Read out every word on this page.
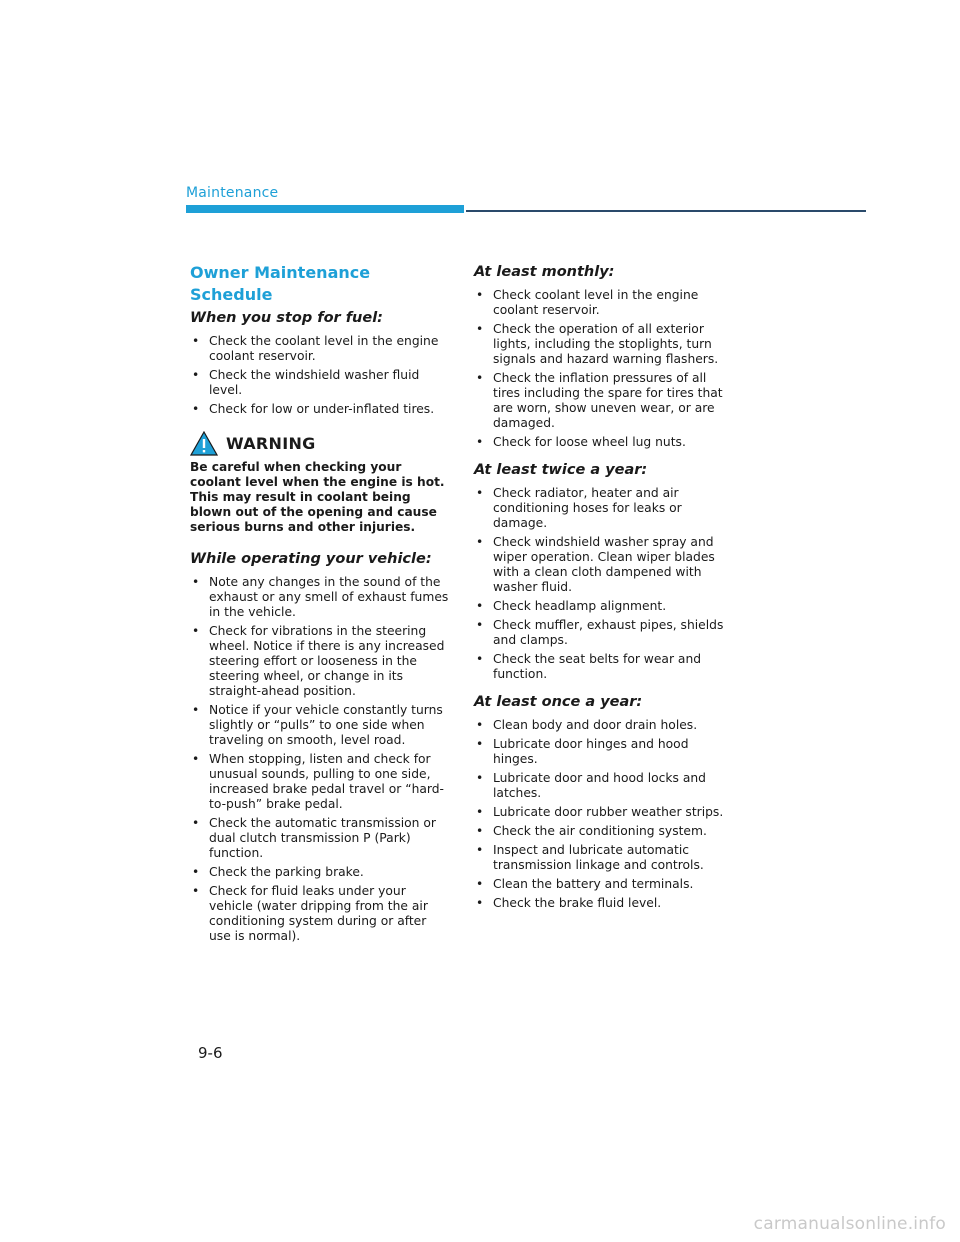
Maintenance
Owner Maintenance Schedule
When you stop for fuel:
• Check the coolant level in the engine coolant reservoir.
• Check the windshield washer fluid level.
• Check for low or under-inflated tires.
WARNING

Be careful when checking your coolant level when the engine is hot. This may result in coolant being blown out of the opening and cause serious burns and other injuries.

While operating your vehicle:
• Note any changes in the sound of the exhaust or any smell of exhaust fumes in the vehicle.
• Check for vibrations in the steering wheel. Notice if there is any increased steering effort or looseness in the steering wheel, or change in its straight-ahead position.
• Notice if your vehicle constantly turns slightly or “pulls” to one side when traveling on smooth, level road.
• When stopping, listen and check for unusual sounds, pulling to one side, increased brake pedal travel or “hard-to-push” brake pedal.
• Check the automatic transmission or dual clutch transmission P (Park) function.
• Check the parking brake.
• Check for fluid leaks under your vehicle (water dripping from the air conditioning system during or after use is normal).
At least monthly:
• Check coolant level in the engine coolant reservoir.
• Check the operation of all exterior lights, including the stoplights, turn signals and hazard warning flashers.
• Check the inflation pressures of all tires including the spare for tires that are worn, show uneven wear, or are damaged.
• Check for loose wheel lug nuts.
At least twice a year:
• Check radiator, heater and air conditioning hoses for leaks or damage.
• Check windshield washer spray and wiper operation. Clean wiper blades with a clean cloth dampened with washer fluid.
• Check headlamp alignment.
• Check muffler, exhaust pipes, shields and clamps.
• Check the seat belts for wear and function.
At least once a year:
• Clean body and door drain holes.
• Lubricate door hinges and hood hinges.
• Lubricate door and hood locks and latches.
• Lubricate door rubber weather strips.
• Check the air conditioning system.
• Inspect and lubricate automatic transmission linkage and controls.
• Clean the battery and terminals.
• Check the brake fluid level.
9-6
carmanualsonline.info
